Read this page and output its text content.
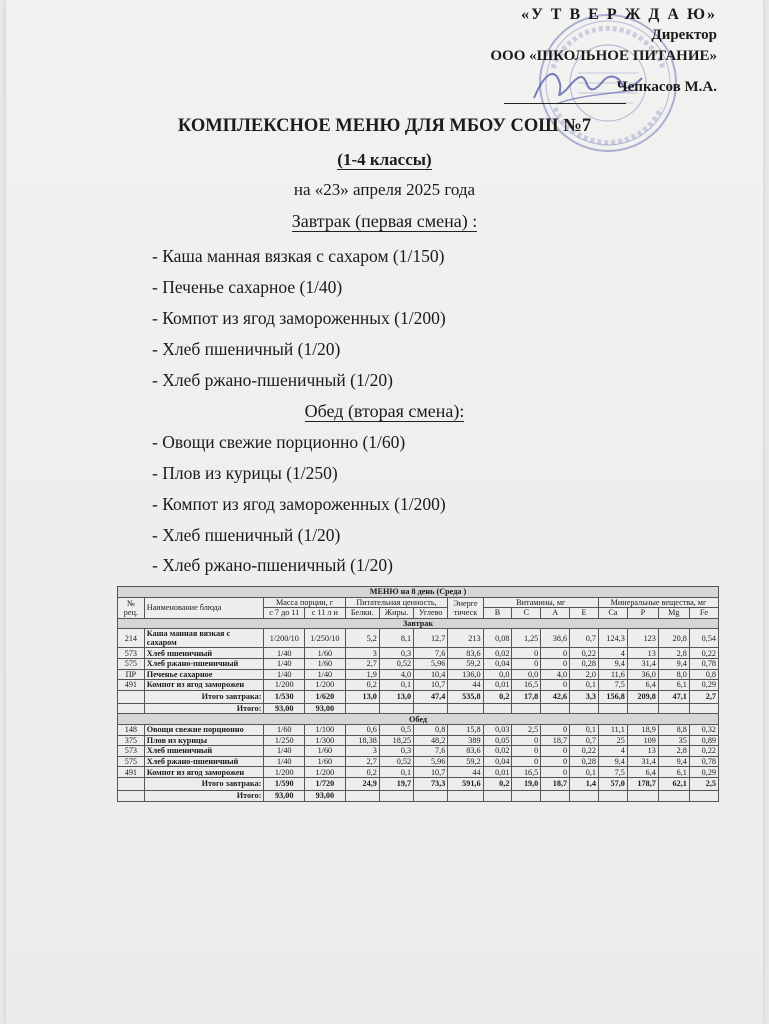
«У Т В Е Р Ж Д А Ю»
Директор
ООО «ШКОЛЬНОЕ ПИТАНИЕ»
Чепкасов М.А.
КОМПЛЕКСНОЕ МЕНЮ ДЛЯ МБОУ СОШ №7
(1-4 классы)
на «23» апреля 2025 года
Завтрак (первая смена) :
- Каша манная вязкая с сахаром (1/150)
- Печенье сахарное (1/40)
- Компот из ягод замороженных (1/200)
- Хлеб пшеничный (1/20)
- Хлеб ржано-пшеничный (1/20)
Обед (вторая смена):
- Овощи свежие порционно (1/60)
- Плов из курицы (1/250)
- Компот из ягод замороженных (1/200)
- Хлеб пшеничный (1/20)
- Хлеб ржано-пшеничный (1/20)
МЕНЮ на 8 день (Среда )															
№ рец.	Наименование блюда	Масса порции, г		Питательная ценность,			Энерге тическ	Витамины, мг				Минеральные вещества, мг			
		с 7 до 11	с 11 л и	Белки.	Жиры.	Углево		B	C	A	E	Ca	P	Mg	Fe
Завтрак															
214	Каша манная вязкая с сахаром	1/200/10	1/250/10	5,2	8,1	12,7	213	0,08	1,25	38,6	0,7	124,3	123	20,8	0,54
573	Хлеб пшеничный	1/40	1/60	3	0,3	7,6	83,6	0,02	0	0	0,22	4	13	2,8	0,22
575	Хлеб ржано-пшеничный	1/40	1/60	2,7	0,52	5,96	59,2	0,04	0	0	0,28	9,4	31,4	9,4	0,78
ПР	Печенье сахарное	1/40	1/40	1,9	4,0	10,4	136,0	0,0	0,0	4,0	2,0	11,6	36,0	8,0	0,8
491	Компот из ягод заморожен	1/200	1/200	0,2	0,1	10,7	44	0,01	16,5	0	0,1	7,5	6,4	6,1	0,29
	Итого завтрака:	1/530	1/620	13,0	13,0	47,4	535,8	0,2	17,8	42,6	3,3	156,8	209,8	47,1	2,7
	Итого:	93,00	93,00												
Обед															
148	Овощи свежие порционно	1/60	1/100	0,6	0,5	0,8	15,8	0,03	2,5	0	0,1	11,1	18,9	8,8	0,32
375	Плов из курицы	1/250	1/300	18,38	18,25	48,2	389	0,05	0	18,7	0,7	25	109	35	0,89
573	Хлеб пшеничный	1/40	1/60	3	0,3	7,6	83,6	0,02	0	0	0,22	4	13	2,8	0,22
575	Хлеб ржано-пшеничный	1/40	1/60	2,7	0,52	5,96	59,2	0,04	0	0	0,28	9,4	31,4	9,4	0,78
491	Компот из ягод заморожен	1/200	1/200	0,2	0,1	10,7	44	0,01	16,5	0	0,1	7,5	6,4	6,1	0,29
	Итого завтрака:	1/590	1/720	24,9	19,7	73,3	591,6	0,2	19,0	18,7	1,4	57,0	178,7	62,1	2,5
	Итого:	93,00	93,00												
